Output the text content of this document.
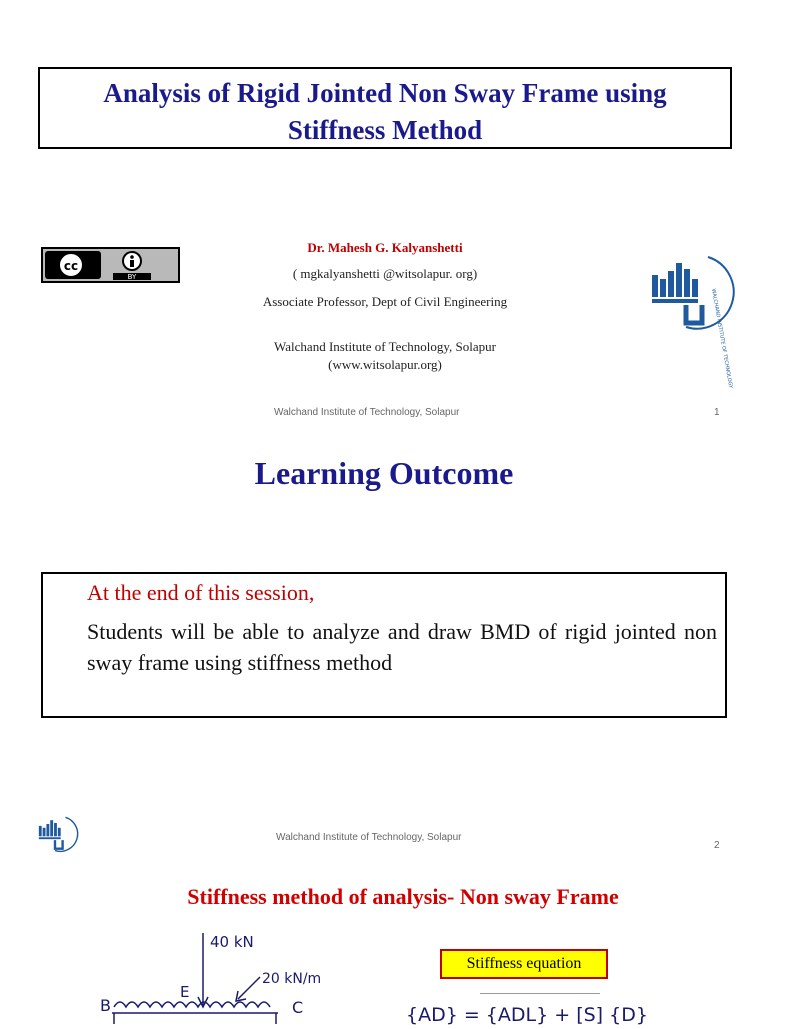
Analysis of Rigid Jointed Non Sway Frame using
Stiffness Method
cc
BY
Dr. Mahesh G. Kalyanshetti
( mgkalyanshetti @witsolapur. org)
Associate Professor, Dept of Civil Engineering
Walchand Institute of Technology, Solapur
(www.witsolapur.org)	WALCHAND INSTITUTE OF TECHNOLOGY
Walchand Institute of Technology, Solapur	1
Learning Outcome
At the end of this session,
Students will be able to analyze and draw BMD of rigid jointed non sway frame using stiffness method
Walchand Institute of Technology, Solapur
2
Stiffness method of analysis- Non sway Frame
40 kN
20 kN/m
B
E
C
Stiffness equation
{AD} = {ADL} + [S] {D}
